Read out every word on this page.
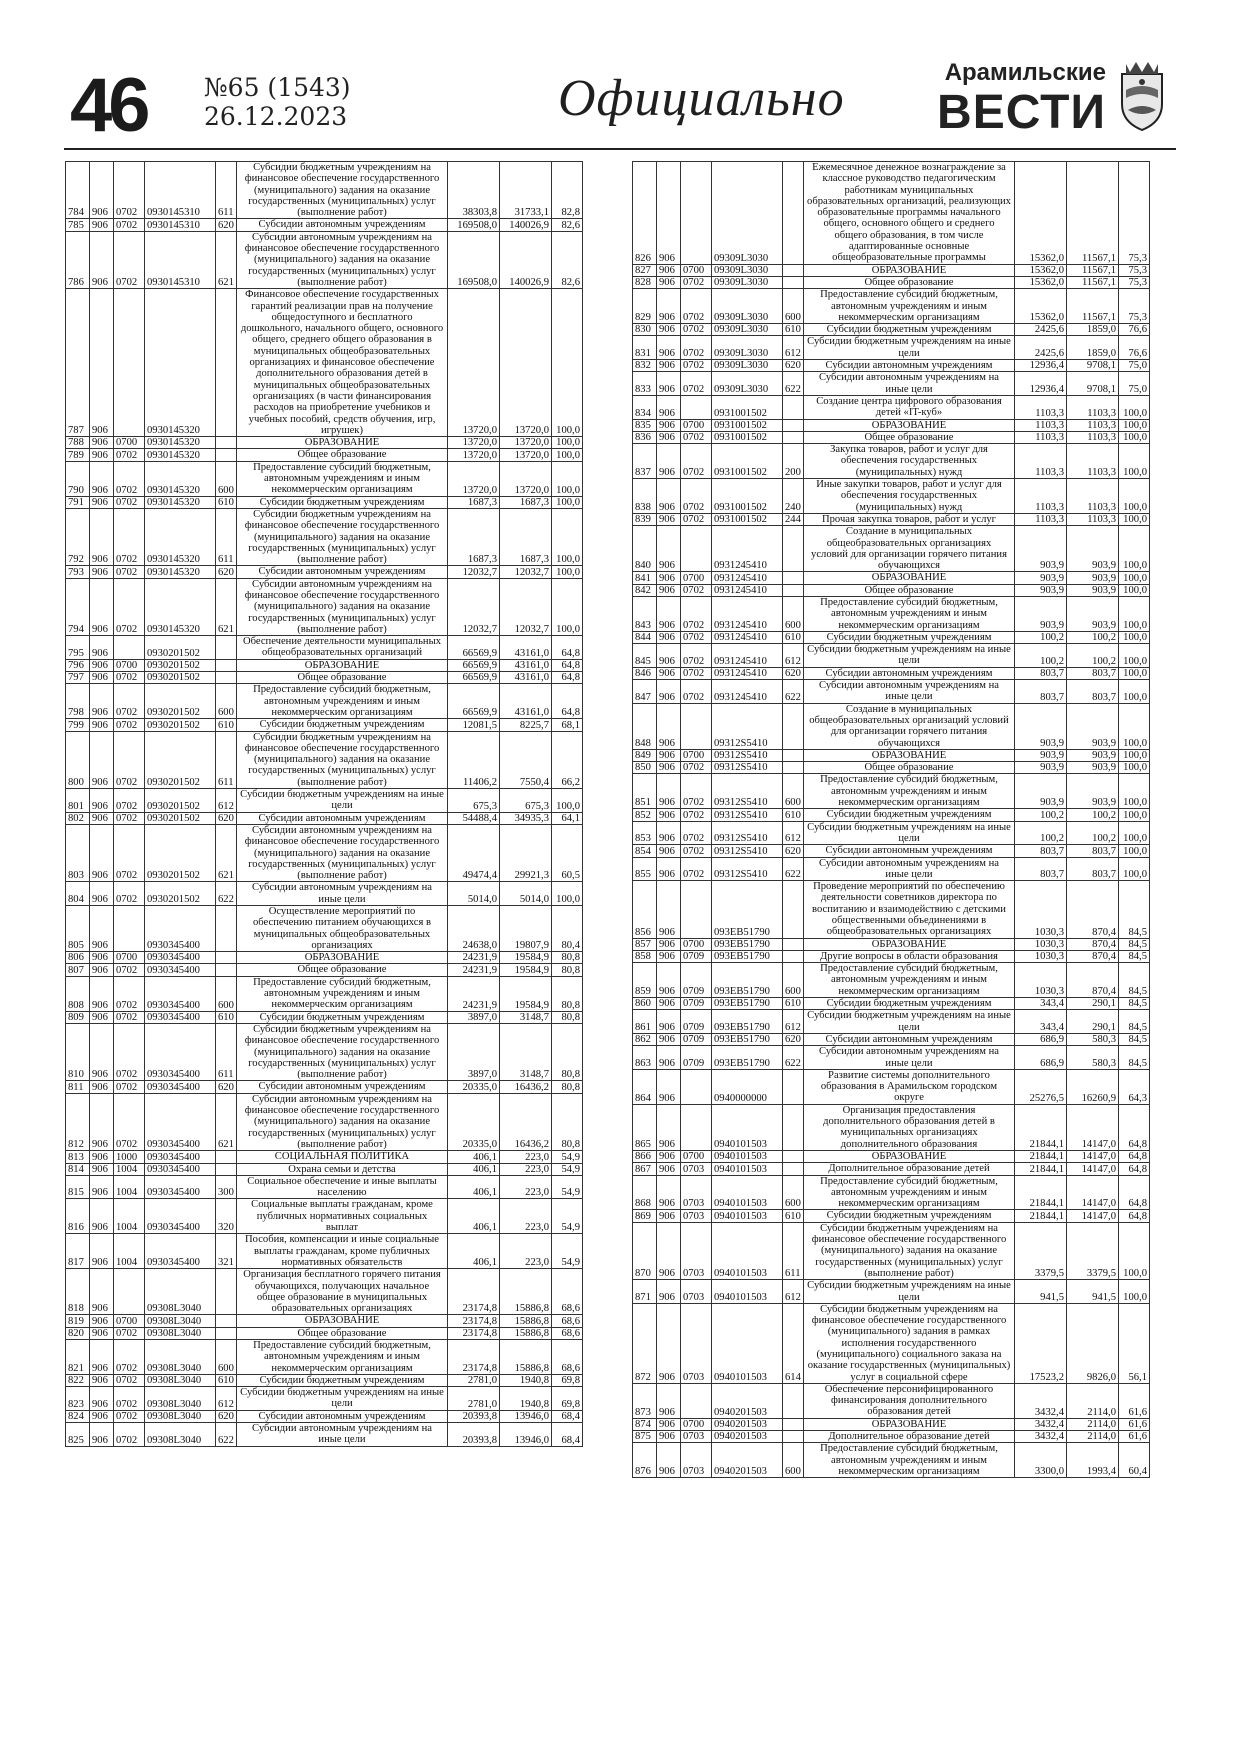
46 №65 (1543)
26.12.2023	Официально	Арамильские
ВЕСТИ
784	906	0702	0930145310	611	Субсидии бюджетным учреждениям на финансовое обеспечение государственного (муниципального) задания на оказание государственных (муниципальных) услуг (выполнение работ)	38303,8	31733,1	82,8
785	906	0702	0930145310	620	Субсидии автономным учреждениям	169508,0	140026,9	82,6
786	906	0702	0930145310	621	Субсидии автономным учреждениям на финансовое обеспечение государственного (муниципального) задания на оказание государственных (муниципальных) услуг (выполнение работ)	169508,0	140026,9	82,6
787	906		0930145320		Финансовое обеспечение государственных гарантий реализации прав на получение общедоступного и бесплатного дошкольного, начального общего, основного общего, среднего общего образования в муниципальных общеобразовательных организациях и финансовое обеспечение дополнительного образования детей в муниципальных общеобразовательных организациях (в части финансирования расходов на приобретение учебников и учебных пособий, средств обучения, игр, игрушек)	13720,0	13720,0	100,0
788	906	0700	0930145320		ОБРАЗОВАНИЕ	13720,0	13720,0	100,0
789	906	0702	0930145320		Общее образование	13720,0	13720,0	100,0
790	906	0702	0930145320	600	Предоставление субсидий бюджетным, автономным учреждениям и иным некоммерческим организациям	13720,0	13720,0	100,0
791	906	0702	0930145320	610	Субсидии бюджетным учреждениям	1687,3	1687,3	100,0
792	906	0702	0930145320	611	Субсидии бюджетным учреждениям на финансовое обеспечение государственного (муниципального) задания на оказание государственных (муниципальных) услуг (выполнение работ)	1687,3	1687,3	100,0
793	906	0702	0930145320	620	Субсидии автономным учреждениям	12032,7	12032,7	100,0
794	906	0702	0930145320	621	Субсидии автономным учреждениям на финансовое обеспечение государственного (муниципального) задания на оказание государственных (муниципальных) услуг (выполнение работ)	12032,7	12032,7	100,0
795	906		0930201502		Обеспечение деятельности муниципальных общеобразовательных организаций	66569,9	43161,0	64,8
796	906	0700	0930201502		ОБРАЗОВАНИЕ	66569,9	43161,0	64,8
797	906	0702	0930201502		Общее образование	66569,9	43161,0	64,8
798	906	0702	0930201502	600	Предоставление субсидий бюджетным, автономным учреждениям и иным некоммерческим организациям	66569,9	43161,0	64,8
799	906	0702	0930201502	610	Субсидии бюджетным учреждениям	12081,5	8225,7	68,1
800	906	0702	0930201502	611	Субсидии бюджетным учреждениям на финансовое обеспечение государственного (муниципального) задания на оказание государственных (муниципальных) услуг (выполнение работ)	11406,2	7550,4	66,2
801	906	0702	0930201502	612	Субсидии бюджетным учреждениям на иные цели	675,3	675,3	100,0
802	906	0702	0930201502	620	Субсидии автономным учреждениям	54488,4	34935,3	64,1
803	906	0702	0930201502	621	Субсидии автономным учреждениям на финансовое обеспечение государственного (муниципального) задания на оказание государственных (муниципальных) услуг (выполнение работ)	49474,4	29921,3	60,5
804	906	0702	0930201502	622	Субсидии автономным учреждениям на иные цели	5014,0	5014,0	100,0
805	906		0930345400		Осуществление мероприятий по обеспечению питанием обучающихся в муниципальных общеобразовательных организациях	24638,0	19807,9	80,4
806	906	0700	0930345400		ОБРАЗОВАНИЕ	24231,9	19584,9	80,8
807	906	0702	0930345400		Общее образование	24231,9	19584,9	80,8
808	906	0702	0930345400	600	Предоставление субсидий бюджетным, автономным учреждениям и иным некоммерческим организациям	24231,9	19584,9	80,8
809	906	0702	0930345400	610	Субсидии бюджетным учреждениям	3897,0	3148,7	80,8
810	906	0702	0930345400	611	Субсидии бюджетным учреждениям на финансовое обеспечение государственного (муниципального) задания на оказание государственных (муниципальных) услуг (выполнение работ)	3897,0	3148,7	80,8
811	906	0702	0930345400	620	Субсидии автономным учреждениям	20335,0	16436,2	80,8
812	906	0702	0930345400	621	Субсидии автономным учреждениям на финансовое обеспечение государственного (муниципального) задания на оказание государственных (муниципальных) услуг (выполнение работ)	20335,0	16436,2	80,8
813	906	1000	0930345400		СОЦИАЛЬНАЯ ПОЛИТИКА	406,1	223,0	54,9
814	906	1004	0930345400		Охрана семьи и детства	406,1	223,0	54,9
815	906	1004	0930345400	300	Социальное обеспечение и иные выплаты населению	406,1	223,0	54,9
816	906	1004	0930345400	320	Социальные выплаты гражданам, кроме публичных нормативных социальных выплат	406,1	223,0	54,9
817	906	1004	0930345400	321	Пособия, компенсации и иные социальные выплаты гражданам, кроме публичных нормативных обязательств	406,1	223,0	54,9
818	906		09308L3040		Организация бесплатного горячего питания обучающихся, получающих начальное общее образование в муниципальных образовательных организациях	23174,8	15886,8	68,6
819	906	0700	09308L3040		ОБРАЗОВАНИЕ	23174,8	15886,8	68,6
820	906	0702	09308L3040		Общее образование	23174,8	15886,8	68,6
821	906	0702	09308L3040	600	Предоставление субсидий бюджетным, автономным учреждениям и иным некоммерческим организациям	23174,8	15886,8	68,6
822	906	0702	09308L3040	610	Субсидии бюджетным учреждениям	2781,0	1940,8	69,8
823	906	0702	09308L3040	612	Субсидии бюджетным учреждениям на иные цели	2781,0	1940,8	69,8
824	906	0702	09308L3040	620	Субсидии автономным учреждениям	20393,8	13946,0	68,4
825	906	0702	09308L3040	622	Субсидии автономным учреждениям на иные цели	20393,8	13946,0	68,4
826	906		09309L3030		Ежемесячное денежное вознаграждение за классное руководство педагогическим работникам муниципальных образовательных организаций, реализующих образовательные программы начального общего, основного общего и среднего общего образования, в том числе адаптированные основные общеобразовательные программы	15362,0	11567,1	75,3
827	906	0700	09309L3030		ОБРАЗОВАНИЕ	15362,0	11567,1	75,3
828	906	0702	09309L3030		Общее образование	15362,0	11567,1	75,3
829	906	0702	09309L3030	600	Предоставление субсидий бюджетным, автономным учреждениям и иным некоммерческим организациям	15362,0	11567,1	75,3
830	906	0702	09309L3030	610	Субсидии бюджетным учреждениям	2425,6	1859,0	76,6
831	906	0702	09309L3030	612	Субсидии бюджетным учреждениям на иные цели	2425,6	1859,0	76,6
832	906	0702	09309L3030	620	Субсидии автономным учреждениям	12936,4	9708,1	75,0
833	906	0702	09309L3030	622	Субсидии автономным учреждениям на иные цели	12936,4	9708,1	75,0
834	906		0931001502		Создание центра цифрового образования детей «IT-куб»	1103,3	1103,3	100,0
835	906	0700	0931001502		ОБРАЗОВАНИЕ	1103,3	1103,3	100,0
836	906	0702	0931001502		Общее образование	1103,3	1103,3	100,0
837	906	0702	0931001502	200	Закупка товаров, работ и услуг для обеспечения государственных (муниципальных) нужд	1103,3	1103,3	100,0
838	906	0702	0931001502	240	Иные закупки товаров, работ и услуг для обеспечения государственных (муниципальных) нужд	1103,3	1103,3	100,0
839	906	0702	0931001502	244	Прочая закупка товаров, работ и услуг	1103,3	1103,3	100,0
840	906		0931245410		Создание в муниципальных общеобразовательных организациях условий для организации горячего питания обучающихся	903,9	903,9	100,0
841	906	0700	0931245410		ОБРАЗОВАНИЕ	903,9	903,9	100,0
842	906	0702	0931245410		Общее образование	903,9	903,9	100,0
843	906	0702	0931245410	600	Предоставление субсидий бюджетным, автономным учреждениям и иным некоммерческим организациям	903,9	903,9	100,0
844	906	0702	0931245410	610	Субсидии бюджетным учреждениям	100,2	100,2	100,0
845	906	0702	0931245410	612	Субсидии бюджетным учреждениям на иные цели	100,2	100,2	100,0
846	906	0702	0931245410	620	Субсидии автономным учреждениям	803,7	803,7	100,0
847	906	0702	0931245410	622	Субсидии автономным учреждениям на иные цели	803,7	803,7	100,0
848	906		09312S5410		Создание в муниципальных общеобразовательных организаций условий для организации горячего питания обучающихся	903,9	903,9	100,0
849	906	0700	09312S5410		ОБРАЗОВАНИЕ	903,9	903,9	100,0
850	906	0702	09312S5410		Общее образование	903,9	903,9	100,0
851	906	0702	09312S5410	600	Предоставление субсидий бюджетным, автономным учреждениям и иным некоммерческим организациям	903,9	903,9	100,0
852	906	0702	09312S5410	610	Субсидии бюджетным учреждениям	100,2	100,2	100,0
853	906	0702	09312S5410	612	Субсидии бюджетным учреждениям на иные цели	100,2	100,2	100,0
854	906	0702	09312S5410	620	Субсидии автономным учреждениям	803,7	803,7	100,0
855	906	0702	09312S5410	622	Субсидии автономным учреждениям на иные цели	803,7	803,7	100,0
856	906		093EB51790		Проведение мероприятий по обеспечению деятельности советников директора по воспитанию и взаимодействию с детскими общественными объединениями в общеобразовательных организациях	1030,3	870,4	84,5
857	906	0700	093EB51790		ОБРАЗОВАНИЕ	1030,3	870,4	84,5
858	906	0709	093EB51790		Другие вопросы в области образования	1030,3	870,4	84,5
859	906	0709	093EB51790	600	Предоставление субсидий бюджетным, автономным учреждениям и иным некоммерческим организациям	1030,3	870,4	84,5
860	906	0709	093EB51790	610	Субсидии бюджетным учреждениям	343,4	290,1	84,5
861	906	0709	093EB51790	612	Субсидии бюджетным учреждениям на иные цели	343,4	290,1	84,5
862	906	0709	093EB51790	620	Субсидии автономным учреждениям	686,9	580,3	84,5
863	906	0709	093EB51790	622	Субсидии автономным учреждениям на иные цели	686,9	580,3	84,5
864	906		0940000000		Развитие системы дополнительного образования в Арамильском городском округе	25276,5	16260,9	64,3
865	906		0940101503		Организация предоставления дополнительного образования детей в муниципальных организациях дополнительного образования	21844,1	14147,0	64,8
866	906	0700	0940101503		ОБРАЗОВАНИЕ	21844,1	14147,0	64,8
867	906	0703	0940101503		Дополнительное образование детей	21844,1	14147,0	64,8
868	906	0703	0940101503	600	Предоставление субсидий бюджетным, автономным учреждениям и иным некоммерческим организациям	21844,1	14147,0	64,8
869	906	0703	0940101503	610	Субсидии бюджетным учреждениям	21844,1	14147,0	64,8
870	906	0703	0940101503	611	Субсидии бюджетным учреждениям на финансовое обеспечение государственного (муниципального) задания на оказание государственных (муниципальных) услуг (выполнение работ)	3379,5	3379,5	100,0
871	906	0703	0940101503	612	Субсидии бюджетным учреждениям на иные цели	941,5	941,5	100,0
872	906	0703	0940101503	614	Субсидии бюджетным учреждениям на финансовое обеспечение государственного (муниципального) задания в рамках исполнения государственного (муниципального) социального заказа на оказание государственных (муниципальных) услуг в социальной сфере	17523,2	9826,0	56,1
873	906		0940201503		Обеспечение персонифицированного финансирования дополнительного образования детей	3432,4	2114,0	61,6
874	906	0700	0940201503		ОБРАЗОВАНИЕ	3432,4	2114,0	61,6
875	906	0703	0940201503		Дополнительное образование детей	3432,4	2114,0	61,6
876	906	0703	0940201503	600	Предоставление субсидий бюджетным, автономным учреждениям и иным некоммерческим организациям	3300,0	1993,4	60,4
